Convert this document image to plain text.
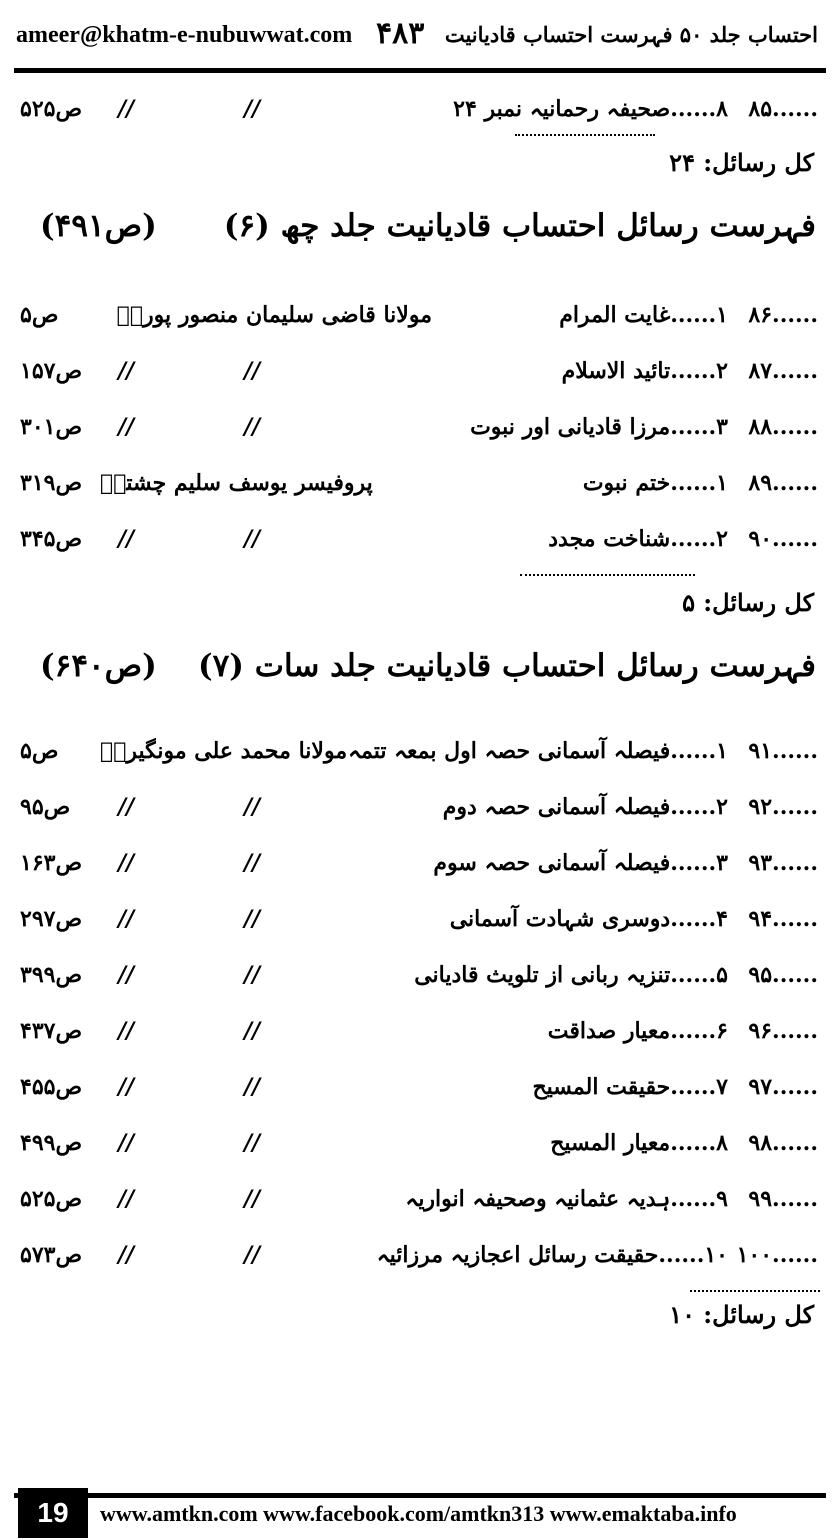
ameer@khatm-e-nubuwwat.com ۴۸۳ احتساب جلد ۵۰ فہرست احتساب قادیانیت
۸۵......
۸......صحیفہ رحمانیہ نمبر ۲۴
//
//
ص۵۲۵
کل رسائل: ۲۴
فہرست رسائل احتساب قادیانیت جلد چھ (۶)
(ص۴۹۱)
۸۶......
۱......غایت المرام
مولانا قاضی سلیمان منصور پوریؒ
ص۵
۸۷......
۲......تائید الاسلام
//
//
ص۱۵۷
۸۸......
۳......مرزا قادیانی اور نبوت
//
//
ص۳۰۱
۸۹......
۱......ختم نبوت
پروفیسر یوسف سلیم چشتیؒ
ص۳۱۹
۹۰......
۲......شناخت مجدد
//
//
ص۳۴۵
کل رسائل: ۵
فہرست رسائل احتساب قادیانیت جلد سات (۷)
(ص۶۴۰)
۹۱......
۱......فیصلہ آسمانی حصہ اول بمعہ تتمہ
مولانا محمد علی مونگیریؒ
ص۵
۹۲......
۲......فیصلہ آسمانی حصہ دوم
//
//
ص۹۵
۹۳......
۳......فیصلہ آسمانی حصہ سوم
//
//
ص۱۶۳
۹۴......
۴......دوسری شہادت آسمانی
//
//
ص۲۹۷
۹۵......
۵......تنزیہ ربانی از تلویث قادیانی
//
//
ص۳۹۹
۹۶......
۶......معیار صداقت
//
//
ص۴۳۷
۹۷......
۷......حقیقت المسیح
//
//
ص۴۵۵
۹۸......
۸......معیار المسیح
//
//
ص۴۹۹
۹۹......
۹......ہدیہ عثمانیہ وصحیفہ انواریہ
//
//
ص۵۲۵
۱۰۰......
۱۰......حقیقت رسائل اعجازیہ مرزائیہ
//
//
ص۵۷۳
کل رسائل: ۱۰
19	www.amtkn.com www.facebook.com/amtkn313 www.emaktaba.info
